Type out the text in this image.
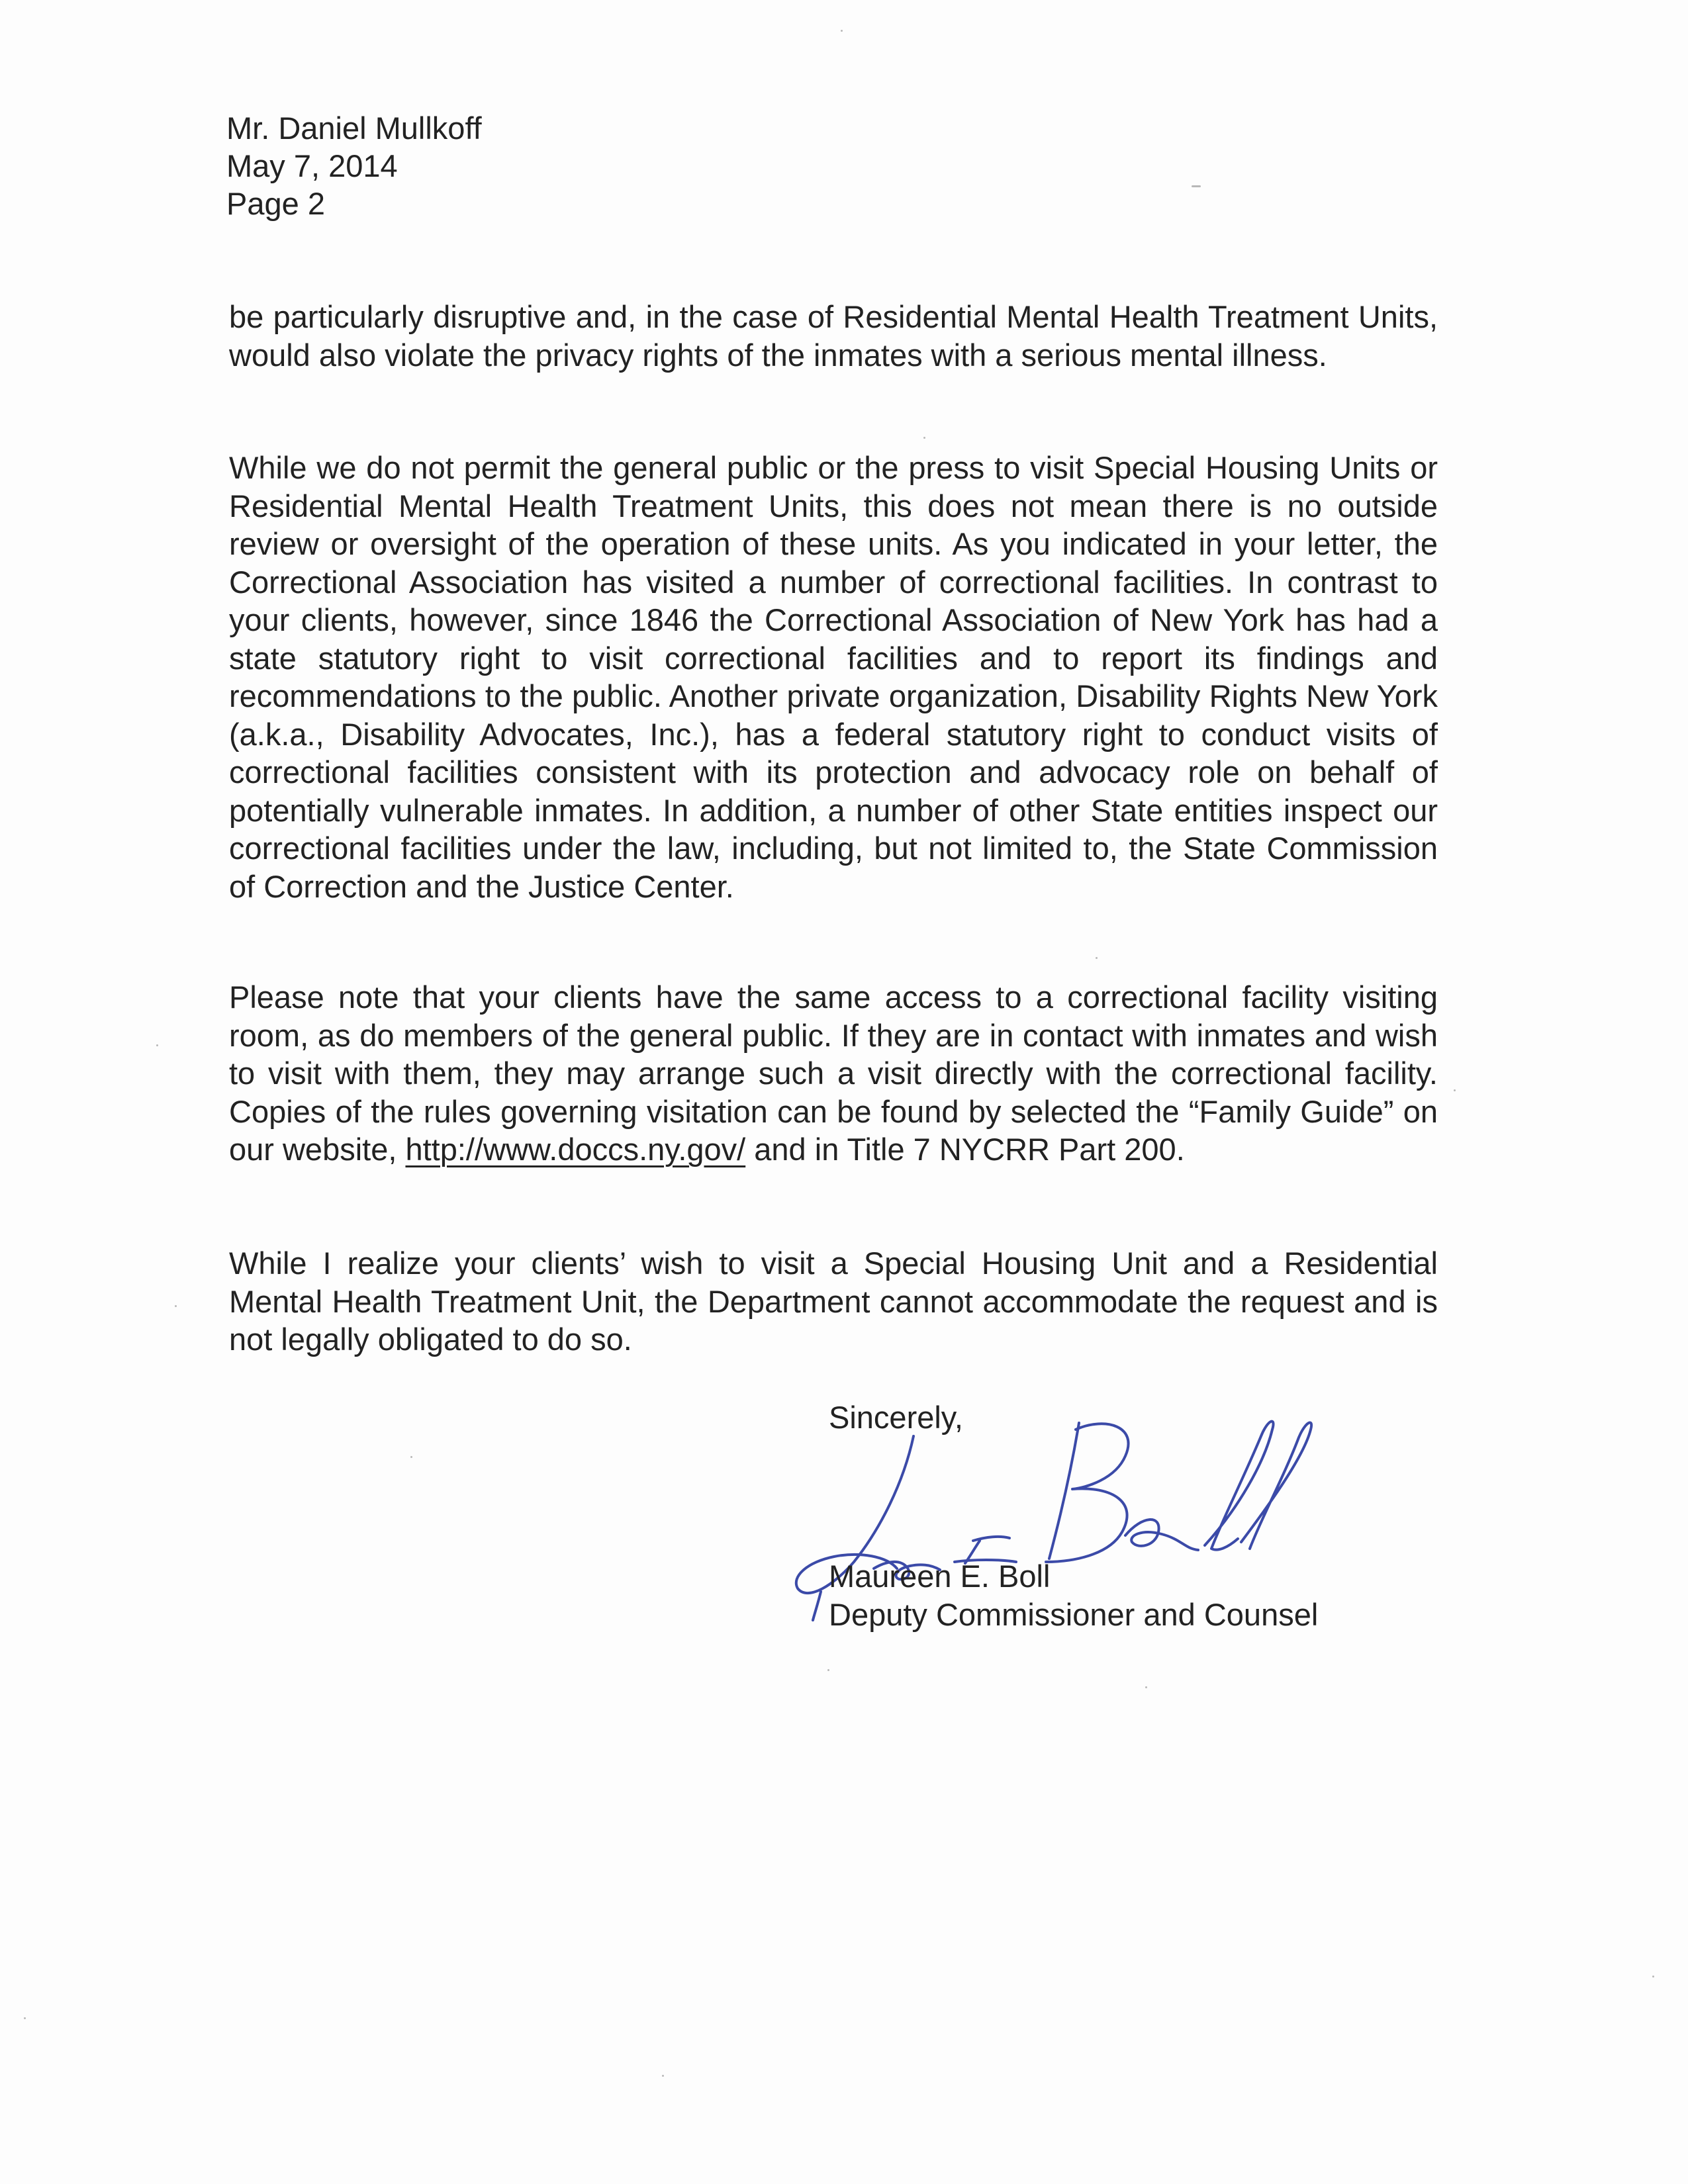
Mr. Daniel Mullkoff
May 7, 2014
Page 2
be particularly disruptive and, in the case of Residential Mental Health Treatment Units, would also violate the privacy rights of the inmates with a serious mental illness.
While we do not permit the general public or the press to visit Special Housing Units or Residential Mental Health Treatment Units, this does not mean there is no outside review or oversight of the operation of these units. As you indicated in your letter, the Correctional Association has visited a number of correctional facilities. In contrast to your clients, however, since 1846 the Correctional Association of New York has had a state statutory right to visit correctional facilities and to report its findings and recommendations to the public. Another private organization, Disability Rights New York (a.k.a., Disability Advocates, Inc.), has a federal statutory right to conduct visits of correctional facilities consistent with its protection and advocacy role on behalf of potentially vulnerable inmates. In addition, a number of other State entities inspect our correctional facilities under the law, including, but not limited to, the State Commission of Correction and the Justice Center.
Please note that your clients have the same access to a correctional facility visiting room, as do members of the general public. If they are in contact with inmates and wish to visit with them, they may arrange such a visit directly with the correctional facility. Copies of the rules governing visitation can be found by selected the “Family Guide” on our website, http://www.doccs.ny.gov/ and in Title 7 NYCRR Part 200.
While I realize your clients’ wish to visit a Special Housing Unit and a Residential Mental Health Treatment Unit, the Department cannot accommodate the request and is not legally obligated to do so.
Sincerely,
Maureen E. Boll
Deputy Commissioner and Counsel
